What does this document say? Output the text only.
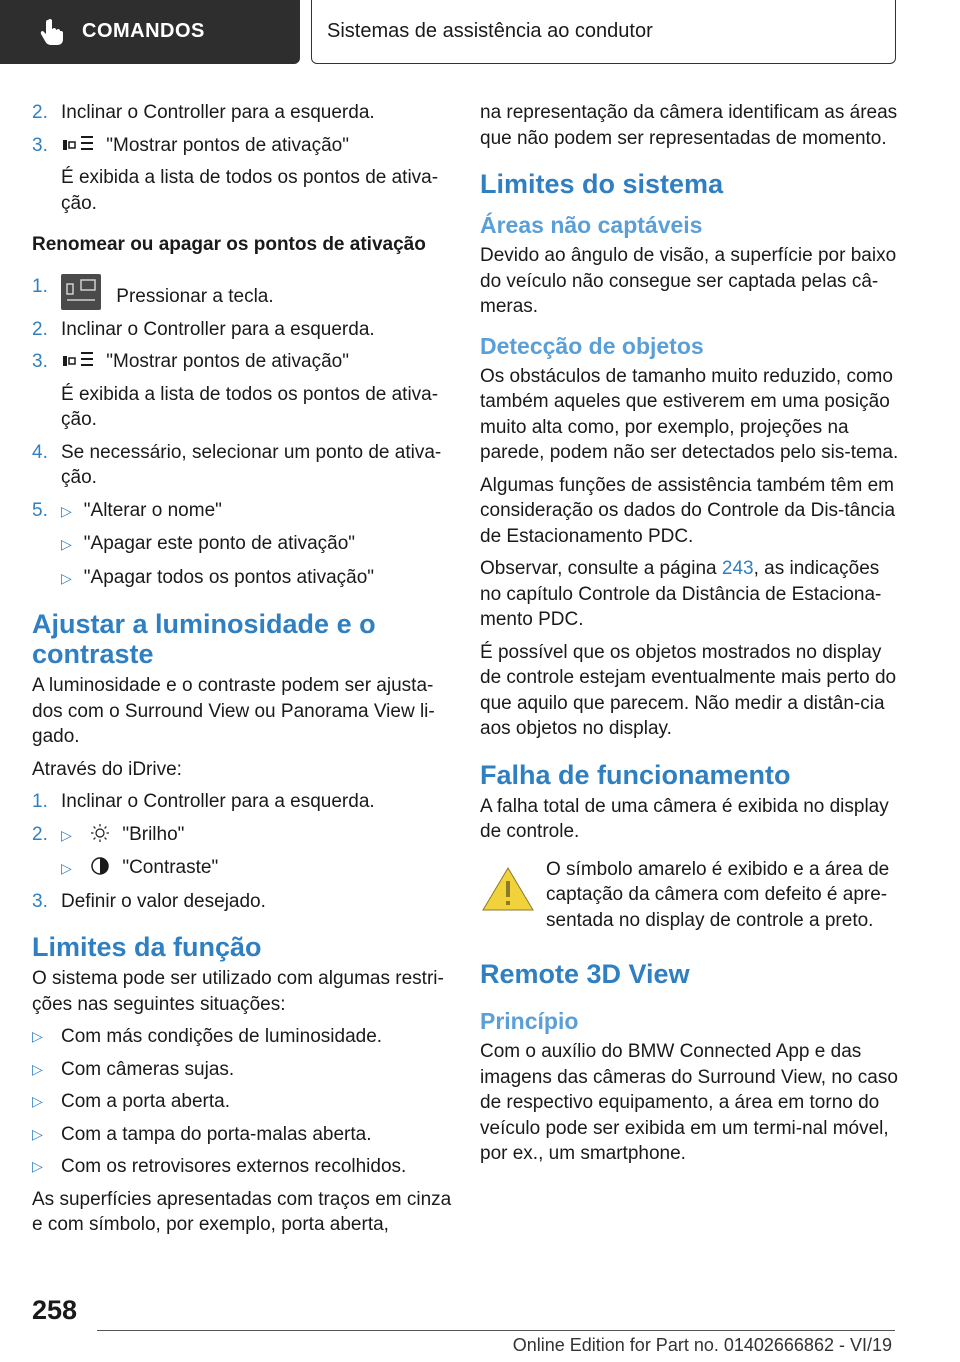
COMANDOS	Sistemas de assistência ao condutor
2. Inclinar o Controller para a esquerda.
3.	"Mostrar pontos de ativação"

É exibida a lista de todos os pontos de ativa-ção.

Renomear ou apagar os pontos de ativação
1.	Pressionar a tecla.
2. Inclinar o Controller para a esquerda.
3.	"Mostrar pontos de ativação"

É exibida a lista de todos os pontos de ativa-ção.

4. Se necessário, selecionar um ponto de ativa-ção.
5. ▷ "Alterar o nome"
▷ "Apagar este ponto de ativação"
▷ "Apagar todos os pontos ativação"
Ajustar a luminosidade e o contraste

A luminosidade e o contraste podem ser ajusta-dos com o Surround View ou Panorama View li-gado.

Através do iDrive:

1. Inclinar o Controller para a esquerda.
2. ▷	"Brilho"
▷	"Contraste"
3. Definir o valor desejado.
Limites da função

O sistema pode ser utilizado com algumas restri-ções nas seguintes situações:

▷ Com más condições de luminosidade.
▷ Com câmeras sujas.
▷ Com a porta aberta.
▷ Com a tampa do porta-malas aberta.
▷ Com os retrovisores externos recolhidos.

As superfícies apresentadas com traços em cinza e com símbolo, por exemplo, porta aberta,

na representação da câmera identificam as áreas que não podem ser representadas de momento.

Limites do sistema
Áreas não captáveis

Devido ao ângulo de visão, a superfície por baixo do veículo não consegue ser captada pelas câ-meras.

Detecção de objetos

Os obstáculos de tamanho muito reduzido, como também aqueles que estiverem em uma posição muito alta como, por exemplo, projeções na parede, podem não ser detectados pelo sis-tema.

Algumas funções de assistência também têm em consideração os dados do Controle da Dis-tância de Estacionamento PDC.

Observar, consulte a página 243, as indicações no capítulo Controle da Distância de Estaciona-mento PDC.

É possível que os objetos mostrados no display de controle estejam eventualmente mais perto do que aquilo que parecem. Não medir a distân-cia aos objetos no display.

Falha de funcionamento

A falha total de uma câmera é exibida no display de controle.

O símbolo amarelo é exibido e a área de captação da câmera com defeito é apre-sentada no display de controle a preto.

Remote 3D View
Princípio

Com o auxílio do BMW Connected App e das imagens das câmeras do Surround View, no caso de respectivo equipamento, a área em torno do veículo pode ser exibida em um termi-nal móvel, por ex., um smartphone.

258
Online Edition for Part no. 01402666862 - VI/19
